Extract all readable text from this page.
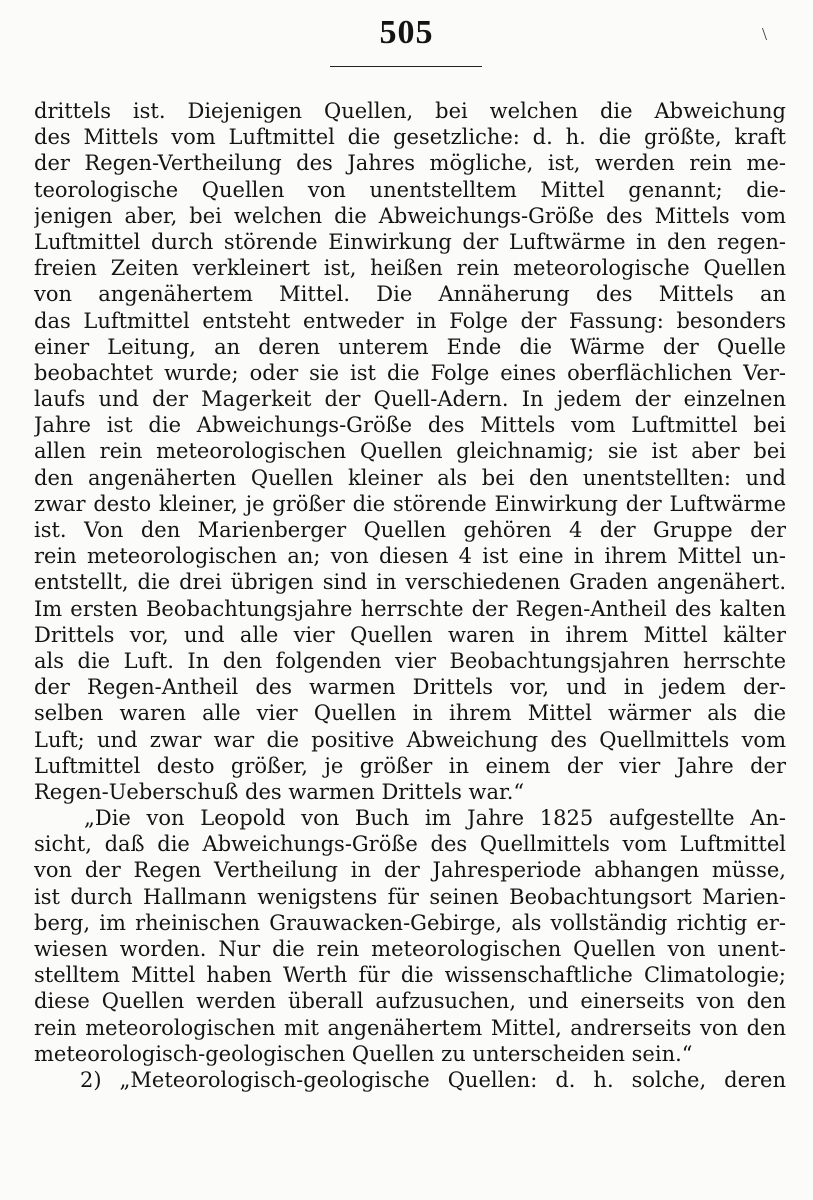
505	\
drittels ist. Diejenigen Quellen, bei welchen die Abweichung
des Mittels vom Luftmittel die gesetzliche: d. h. die größte, kraft
der Regen-Vertheilung des Jahres mögliche, ist, werden rein me-
teorologische Quellen von unentstelltem Mittel genannt; die-
jenigen aber, bei welchen die Abweichungs-Größe des Mittels vom
Luftmittel durch störende Einwirkung der Luftwärme in den regen-
freien Zeiten verkleinert ist, heißen rein meteorologische Quellen
von angenähertem Mittel. Die Annäherung des Mittels an
das Luftmittel entsteht entweder in Folge der Fassung: besonders
einer Leitung, an deren unterem Ende die Wärme der Quelle
beobachtet wurde; oder sie ist die Folge eines oberflächlichen Ver-
laufs und der Magerkeit der Quell-Adern. In jedem der einzelnen
Jahre ist die Abweichungs-Größe des Mittels vom Luftmittel bei
allen rein meteorologischen Quellen gleichnamig; sie ist aber bei
den angenäherten Quellen kleiner als bei den unentstellten: und
zwar desto kleiner, je größer die störende Einwirkung der Luftwärme
ist. Von den Marienberger Quellen gehören 4 der Gruppe der
rein meteorologischen an; von diesen 4 ist eine in ihrem Mittel un-
entstellt, die drei übrigen sind in verschiedenen Graden angenähert.
Im ersten Beobachtungsjahre herrschte der Regen-Antheil des kalten
Drittels vor, und alle vier Quellen waren in ihrem Mittel kälter
als die Luft. In den folgenden vier Beobachtungsjahren herrschte
der Regen-Antheil des warmen Drittels vor, und in jedem der-
selben waren alle vier Quellen in ihrem Mittel wärmer als die
Luft; und zwar war die positive Abweichung des Quellmittels vom
Luftmittel desto größer, je größer in einem der vier Jahre der
Regen-Ueberschuß des warmen Drittels war.“
„Die von Leopold von Buch im Jahre 1825 aufgestellte An-
sicht, daß die Abweichungs-Größe des Quellmittels vom Luftmittel
von der Regen Vertheilung in der Jahresperiode abhangen müsse,
ist durch Hallmann wenigstens für seinen Beobachtungsort Marien-
berg, im rheinischen Grauwacken-Gebirge, als vollständig richtig er-
wiesen worden. Nur die rein meteorologischen Quellen von unent-
stelltem Mittel haben Werth für die wissenschaftliche Climatologie;
diese Quellen werden überall aufzusuchen, und einerseits von den
rein meteorologischen mit angenähertem Mittel, andrerseits von den
meteorologisch-geologischen Quellen zu unterscheiden sein.“
2) „Meteorologisch-geologische Quellen: d. h. solche, deren
